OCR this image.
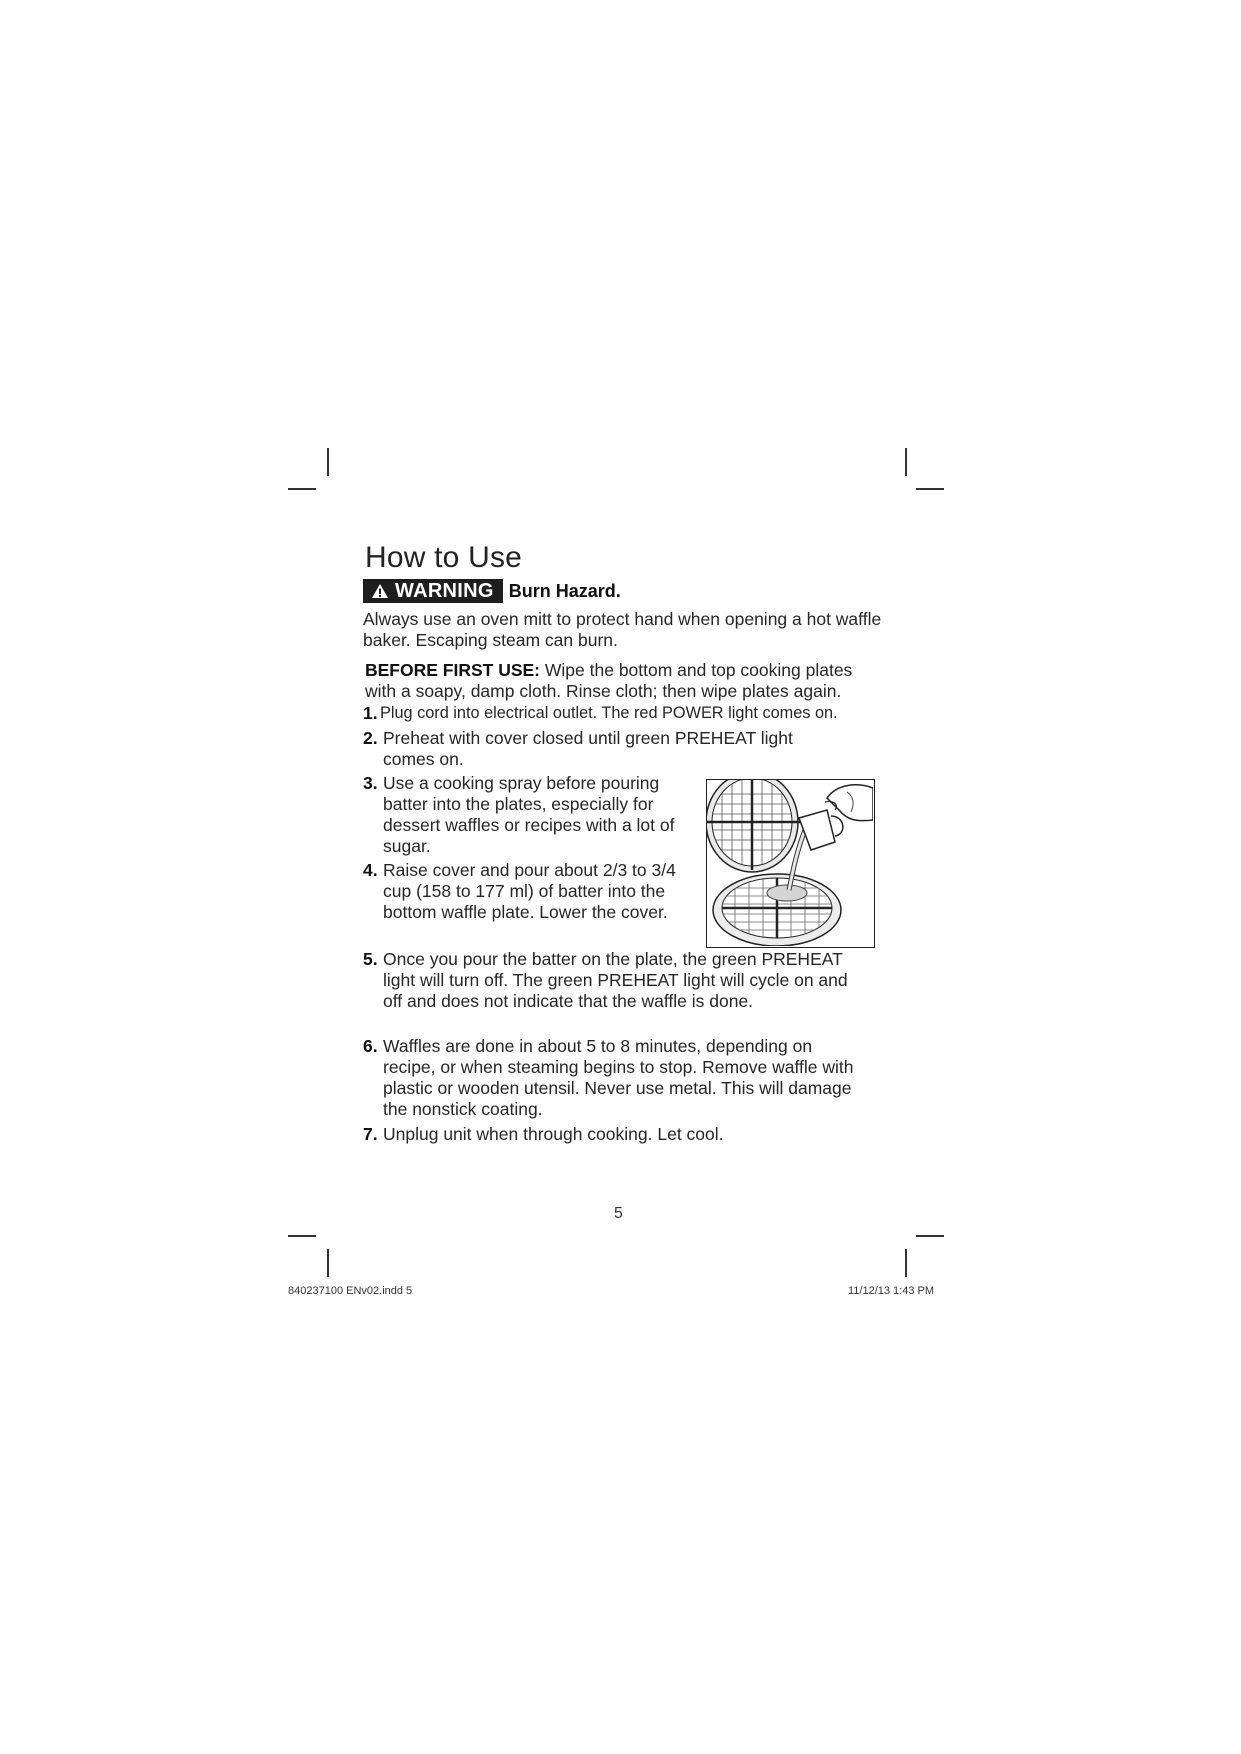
How to Use
WARNING Burn Hazard.

Always use an oven mitt to protect hand when opening a hot waffle baker. Escaping steam can burn.

BEFORE FIRST USE: Wipe the bottom and top cooking plates with a soapy, damp cloth. Rinse cloth; then wipe plates again.

1. Plug cord into electrical outlet. The red POWER light comes on.
2. Preheat with cover closed until green PREHEAT light comes on.
3. Use a cooking spray before pouring batter into the plates, especially for dessert waffles or recipes with a lot of sugar.
4. Raise cover and pour about 2/3 to 3/4 cup (158 to 177 ml) of batter into the bottom waffle plate. Lower the cover.
5. Once you pour the batter on the plate, the green PREHEAT light will turn off. The green PREHEAT light will cycle on and off and does not indicate that the waffle is done.
6. Waffles are done in about 5 to 8 minutes, depending on recipe, or when steaming begins to stop. Remove waffle with plastic or wooden utensil. Never use metal. This will damage the nonstick coating.
7. Unplug unit when through cooking. Let cool.
5
840237100 ENv02.indd 5	11/12/13 1:43 PM
